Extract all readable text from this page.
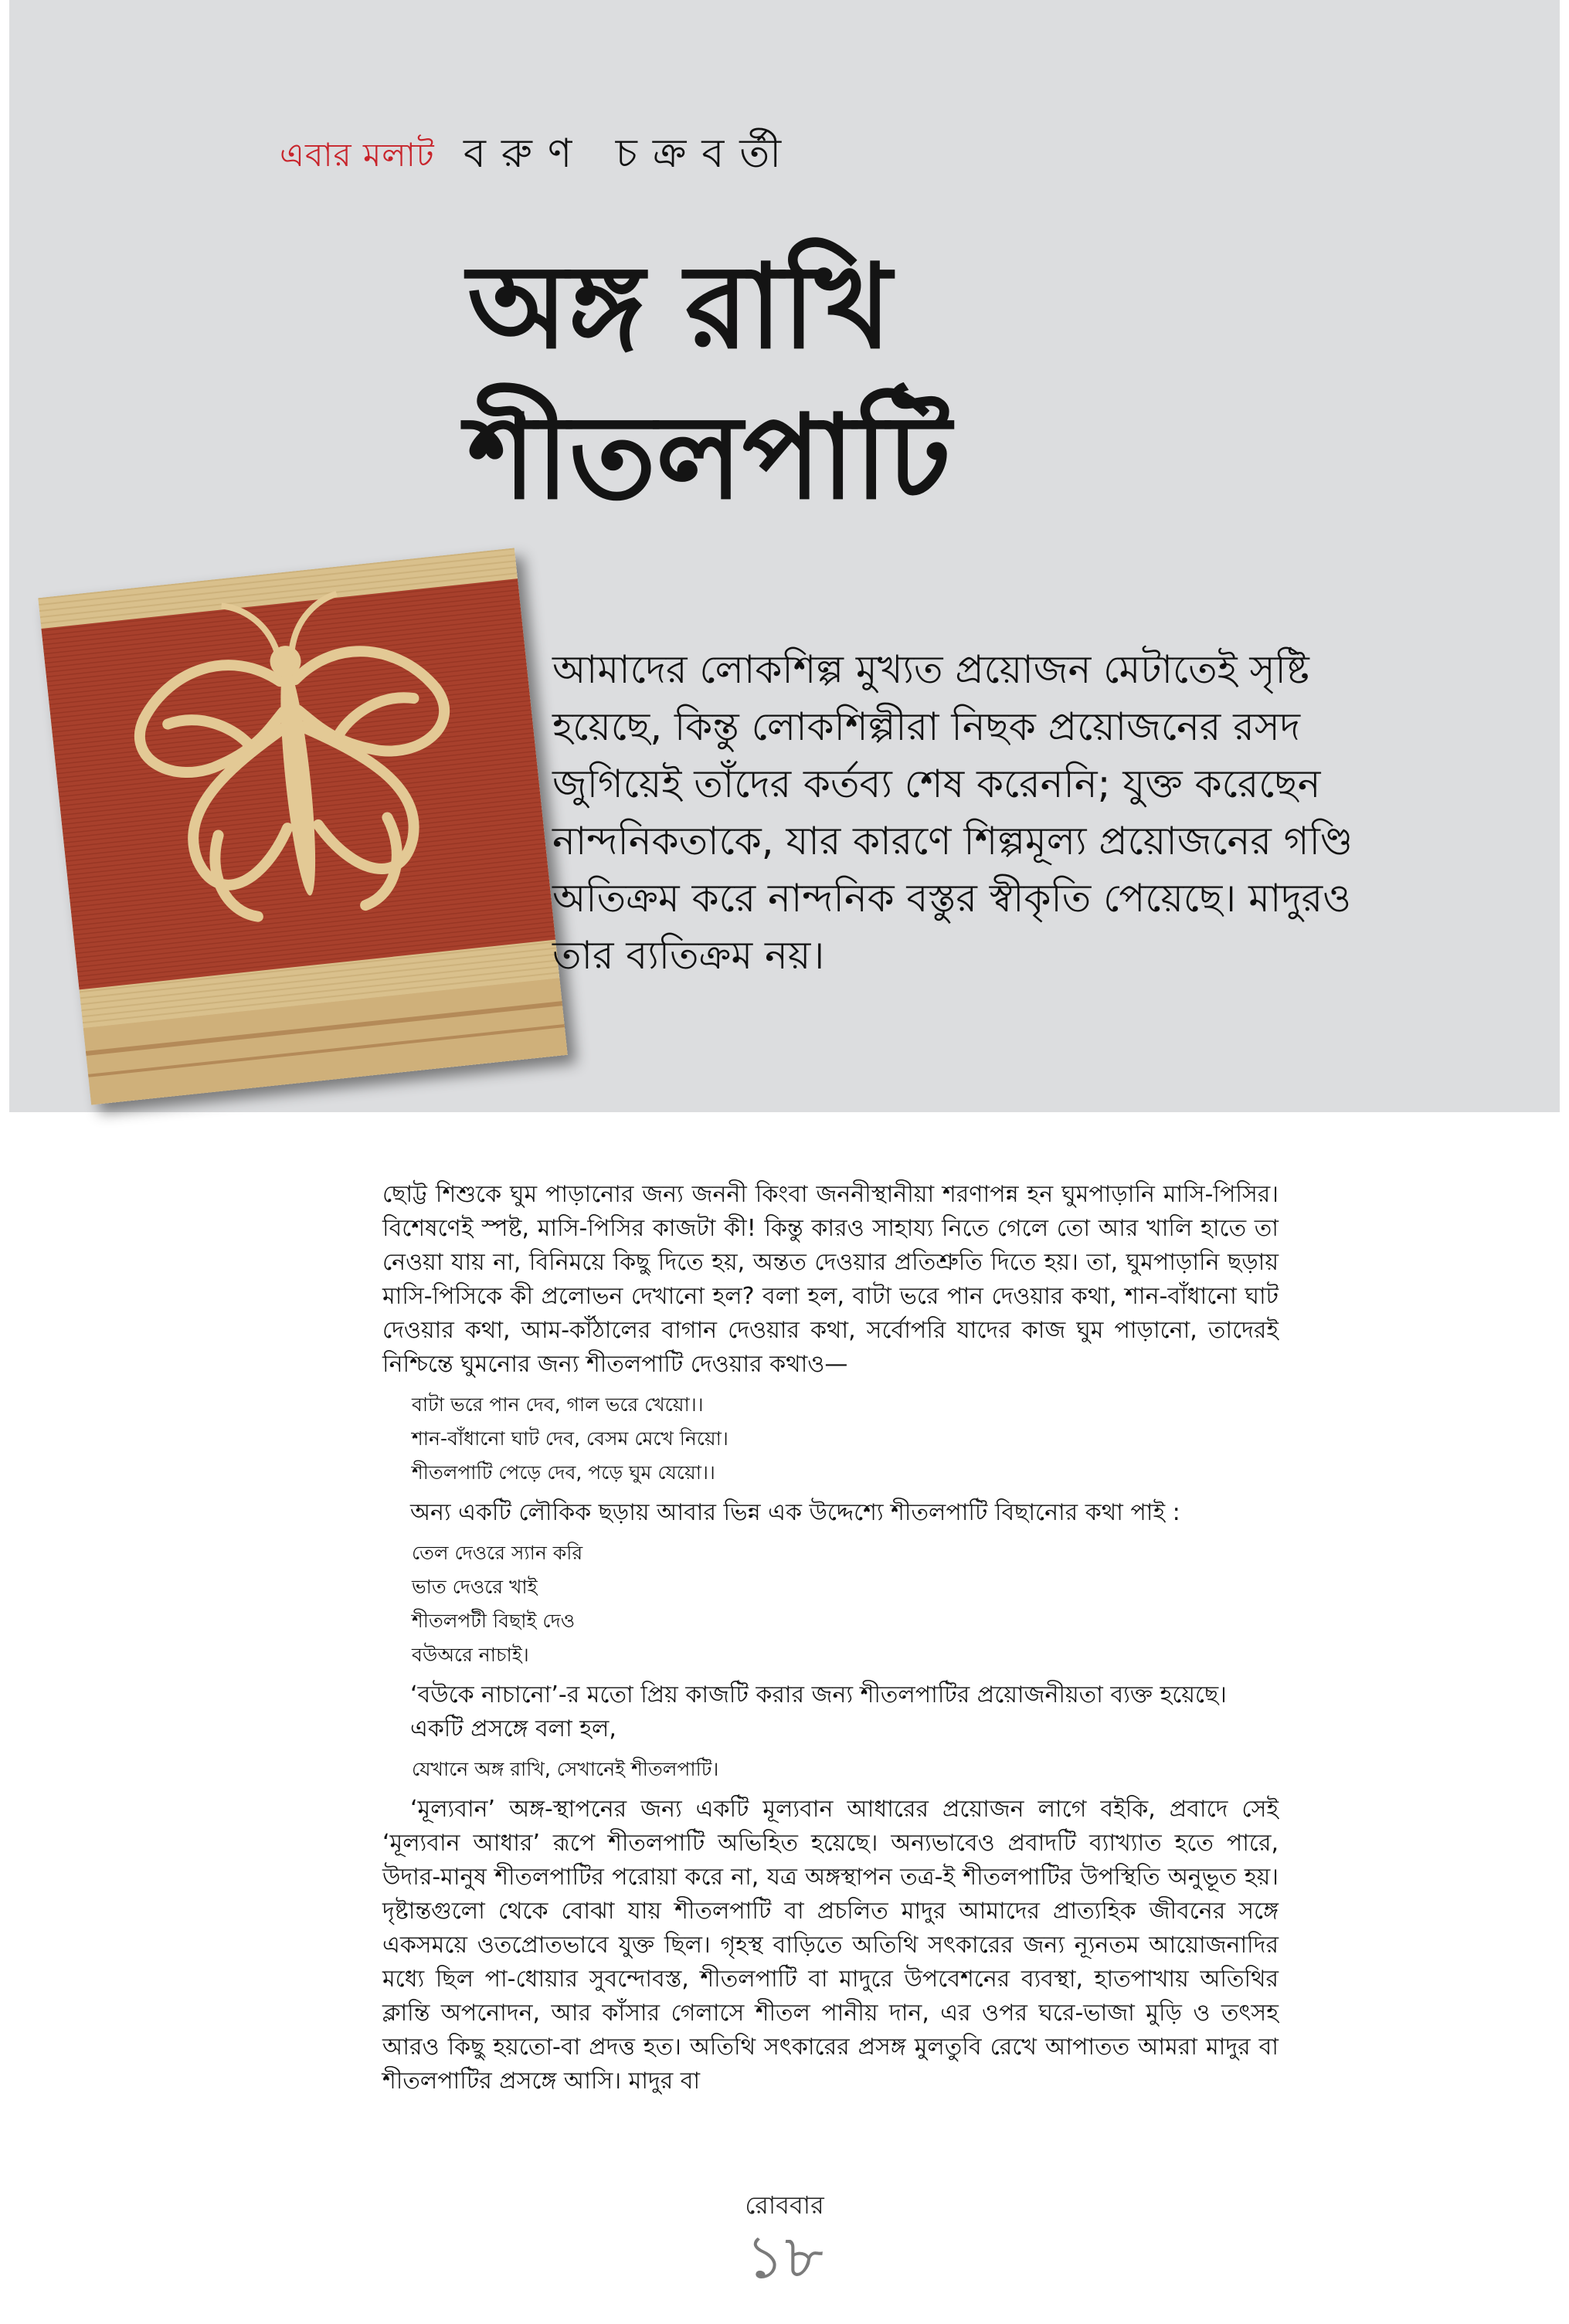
এবার মলাট বরুণ চক্রবর্তী
অঙ্গ রাখি
শীতলপাটি

আমাদের লোকশিল্প মুখ্যত প্রয়োজন মেটাতেই সৃষ্টি হয়েছে, কিন্তু লোকশিল্পীরা নিছক প্রয়োজনের রসদ জুগিয়েই তাঁদের কর্তব্য শেষ করেননি; যুক্ত করেছেন নান্দনিকতাকে, যার কারণে শিল্পমূল্য প্রয়োজনের গণ্ডি অতিক্রম করে নান্দনিক বস্তুর স্বীকৃতি পেয়েছে। মাদুরও তার ব্যতিক্রম নয়।

ছোট্ট শিশুকে ঘুম পাড়ানোর জন্য জননী কিংবা জননীস্থানীয়া শরণাপন্ন হন ঘুমপাড়ানি মাসি-পিসির। বিশেষণেই স্পষ্ট, মাসি-পিসির কাজটা কী! কিন্তু কারও সাহায্য নিতে গেলে তো আর খালি হাতে তা নেওয়া যায় না, বিনিময়ে কিছু দিতে হয়, অন্তত দেওয়ার প্রতিশ্রুতি দিতে হয়। তা, ঘুমপাড়ানি ছড়ায় মাসি-পিসিকে কী প্রলোভন দেখানো হল? বলা হল, বাটা ভরে পান দেওয়ার কথা, শান-বাঁধানো ঘাট দেওয়ার কথা, আম-কাঁঠালের বাগান দেওয়ার কথা, সর্বোপরি যাদের কাজ ঘুম পাড়ানো, তাদেরই নিশ্চিন্তে ঘুমনোর জন্য শীতলপাটি দেওয়ার কথাও—

বাটা ভরে পান দেব, গাল ভরে খেয়ো।।
শান-বাঁধানো ঘাট দেব, বেসম মেখে নিয়ো।
শীতলপাটি পেড়ে দেব, পড়ে ঘুম যেয়ো।।

অন্য একটি লৌকিক ছড়ায় আবার ভিন্ন এক উদ্দেশ্যে শীতলপাটি বিছানোর কথা পাই :

তেল দেওরে স্যান করি
ভাত দেওরে খাই
শীতলপটী বিছাই দেও
বউঅরে নাচাই।

‘বউকে নাচানো’-র মতো প্রিয় কাজটি করার জন্য শীতলপাটির প্রয়োজনীয়তা ব্যক্ত হয়েছে।

একটি প্রসঙ্গে বলা হল,

যেখানে অঙ্গ রাখি, সেখানেই শীতলপাটি।

‘মূল্যবান’ অঙ্গ-স্থাপনের জন্য একটি মূল্যবান আধারের প্রয়োজন লাগে বইকি, প্রবাদে সেই ‘মূল্যবান আধার’ রূপে শীতলপাটি অভিহিত হয়েছে। অন্যভাবেও প্রবাদটি ব্যাখ্যাত হতে পারে, উদার-মানুষ শীতলপাটির পরোয়া করে না, যত্র অঙ্গস্থাপন তত্র-ই শীতলপাটির উপস্থিতি অনুভূত হয়। দৃষ্টান্তগুলো থেকে বোঝা যায় শীতলপাটি বা প্রচলিত মাদুর আমাদের প্রাত্যহিক জীবনের সঙ্গে একসময়ে ওতপ্রোতভাবে যুক্ত ছিল। গৃহস্থ বাড়িতে অতিথি সৎকারের জন্য ন্যূনতম আয়োজনাদির মধ্যে ছিল পা-ধোয়ার সুবন্দোবস্ত, শীতলপাটি বা মাদুরে উপবেশনের ব্যবস্থা, হাতপাখায় অতিথির ক্লান্তি অপনোদন, আর কাঁসার গেলাসে শীতল পানীয় দান, এর ওপর ঘরে-ভাজা মুড়ি ও তৎসহ আরও কিছু হয়তো-বা প্রদত্ত হত। অতিথি সৎকারের প্রসঙ্গ মুলতুবি রেখে আপাতত আমরা মাদুর বা শীতলপাটির প্রসঙ্গে আসি। মাদুর বা

রোববার
১৮
